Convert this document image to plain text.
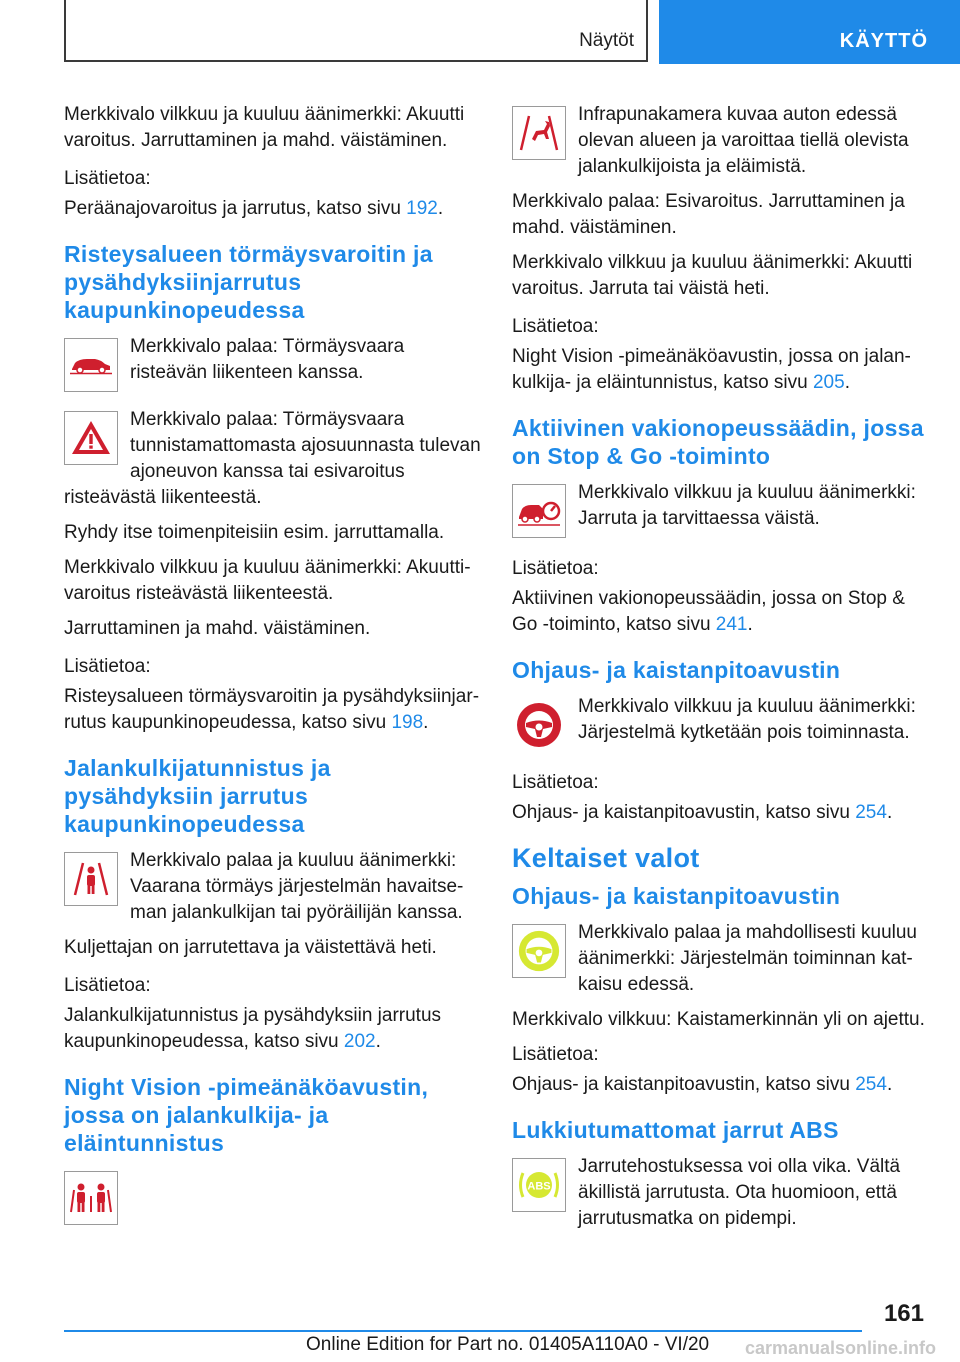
Näytöt	KÄYTTÖ

Merkkivalo vilkkuu ja kuuluu äänimerkki: Akuutti varoitus. Jarruttaminen ja mahd. väistäminen.

Lisätietoa:

Peräänajovaroitus ja jarrutus, katso sivu 192.

Risteysalueen törmäysvaroitin ja pysähdyksiinjarrutus kaupunkinopeudessa

Merkkivalo palaa: Törmäysvaara risteävän liikenteen kanssa.

Merkkivalo palaa: Törmäysvaara tunnistamattomasta ajosuunnasta tulevan ajoneuvon kanssa tai esivaroitus risteävästä liikenteestä.

Ryhdy itse toimenpiteisiin esim. jarruttamalla.

Merkkivalo vilkkuu ja kuuluu äänimerkki: Akuuttivaroitus risteävästä liikenteestä.

Jarruttaminen ja mahd. väistäminen.

Lisätietoa:

Risteysalueen törmäysvaroitin ja pysähdyksiinjarrutus kaupunkinopeudessa, katso sivu 198.

Jalankulkijatunnistus ja pysähdyksiin jarrutus kaupunkinopeudessa

Merkkivalo palaa ja kuuluu äänimerkki: Vaarana törmäys järjestelmän havaitseman jalankulkijan tai pyöräilijän kanssa.

Kuljettajan on jarrutettava ja väistettävä heti.

Lisätietoa:

Jalankulkijatunnistus ja pysähdyksiin jarrutus kaupunkinopeudessa, katso sivu 202.

Night Vision -pimeänäköavustin, jossa on jalankulkija- ja eläintunnistus

Infrapunakamera kuvaa auton edessä olevan alueen ja varoittaa tiellä olevista jalankulkijoista ja eläimistä.

Merkkivalo palaa: Esivaroitus. Jarruttaminen ja mahd. väistäminen.

Merkkivalo vilkkuu ja kuuluu äänimerkki: Akuutti varoitus. Jarruta tai väistä heti.

Lisätietoa:

Night Vision -pimeänäköavustin, jossa on jalankulkija- ja eläintunnistus, katso sivu 205.

Aktiivinen vakionopeussäädin, jossa on Stop & Go -toiminto

Merkkivalo vilkkuu ja kuuluu äänimerkki: Jarruta ja tarvittaessa väistä.

Lisätietoa:

Aktiivinen vakionopeussäädin, jossa on Stop & Go -toiminto, katso sivu 241.

Ohjaus- ja kaistanpitoavustin

Merkkivalo vilkkuu ja kuuluu äänimerkki: Järjestelmä kytketään pois toiminnasta.

Lisätietoa:

Ohjaus- ja kaistanpitoavustin, katso sivu 254.

Keltaiset valot
Ohjaus- ja kaistanpitoavustin

Merkkivalo palaa ja mahdollisesti kuuluu äänimerkki: Järjestelmän toiminnan katkaisu edessä.

Merkkivalo vilkkuu: Kaistamerkinnän yli on ajettu.

Lisätietoa:

Ohjaus- ja kaistanpitoavustin, katso sivu 254.

Lukkiutumattomat jarrut ABS
ABS

Jarrutehostuksessa voi olla vika. Vältä äkillistä jarrutusta. Ota huomioon, että jarrutusmatka on pidempi.

161
Online Edition for Part no. 01405A110A0 - VI/20 carmanualsonline.info
